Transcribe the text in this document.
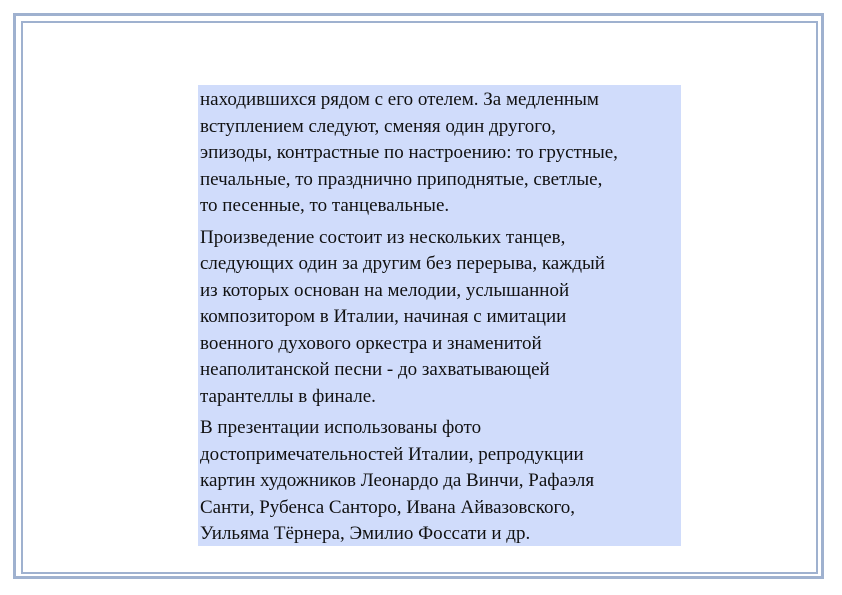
находившихся рядом с его отелем. За медленным
вступлением следуют, сменяя один другого,
эпизоды, контрастные по настроению: то грустные,
печальные, то празднично приподнятые, светлые,
то песенные, то танцевальные.

Произведение состоит из нескольких танцев,
следующих один за другим без перерыва, каждый
из которых основан на мелодии, услышанной
композитором в Италии, начиная с имитации
военного духового оркестра и знаменитой
неаполитанской песни - до захватывающей
тарантеллы в финале.

В презентации использованы фото
достопримечательностей Италии, репродукции
картин художников Леонардо да Винчи, Рафаэля
Санти, Рубенса Санторо, Ивана Айвазовского,
Уильяма Тёрнера, Эмилио Фоссати и др.
